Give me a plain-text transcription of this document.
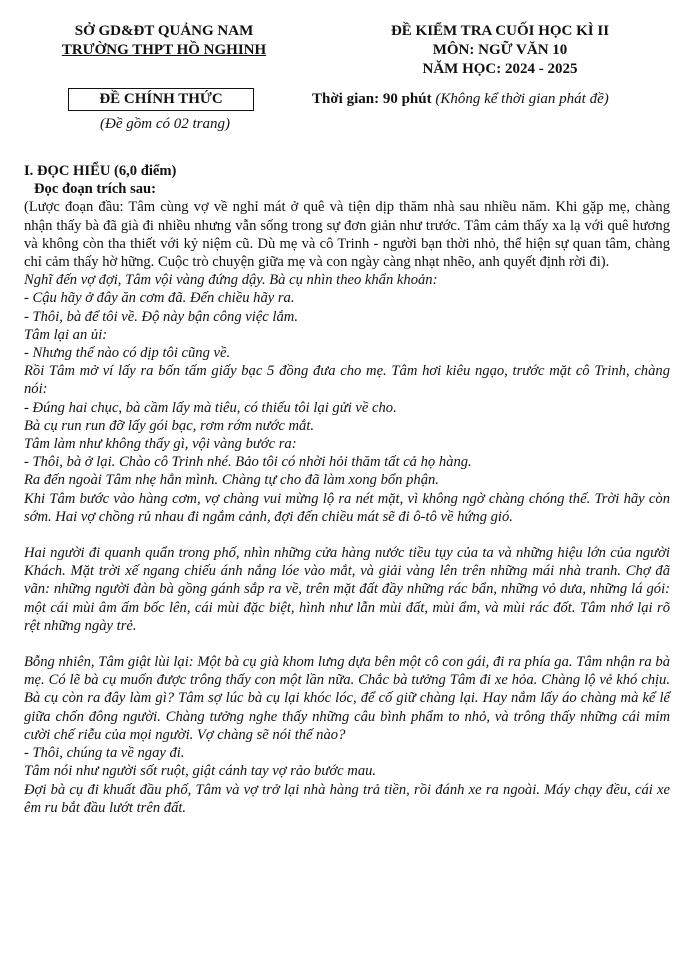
SỞ GD&ĐT QUẢNG NAM
TRƯỜNG THPT HỒ NGHINH
ĐỀ KIỂM TRA CUỐI HỌC KÌ II
MÔN: NGỮ VĂN 10
NĂM HỌC: 2024 - 2025
ĐỀ CHÍNH THỨC
(Đề gồm có 02 trang)
Thời gian: 90 phút (Không kể thời gian phát đề)

I. ĐỌC HIỂU (6,0 điểm)

Đọc đoạn trích sau:

(Lược đoạn đầu: Tâm cùng vợ về nghỉ mát ở quê và tiện dịp thăm nhà sau nhiều năm. Khi gặp mẹ, chàng nhận thấy bà đã già đi nhiều nhưng vẫn sống trong sự đơn giản như trước. Tâm cảm thấy xa lạ với quê hương và không còn tha thiết với kỷ niệm cũ. Dù mẹ và cô Trinh - người bạn thời nhỏ, thể hiện sự quan tâm, chàng chỉ cảm thấy hờ hững. Cuộc trò chuyện giữa mẹ và con ngày càng nhạt nhẽo, anh quyết định rời đi).

Nghĩ đến vợ đợi, Tâm vội vàng đứng dậy. Bà cụ nhìn theo khẩn khoản:

- Cậu hãy ở đây ăn cơm đã. Đến chiều hãy ra.

- Thôi, bà để tôi về. Độ này bận công việc lắm.

Tâm lại an ủi:

- Nhưng thế nào có dịp tôi cũng về.

Rồi Tâm mở ví lấy ra bốn tấm giấy bạc 5 đồng đưa cho mẹ. Tâm hơi kiêu ngạo, trước mặt cô Trinh, chàng nói:

- Đúng hai chục, bà cầm lấy mà tiêu, có thiếu tôi lại gửi về cho.

Bà cụ run run đỡ lấy gói bạc, rơm rớm nước mắt.

Tâm làm như không thấy gì, vội vàng bước ra:

- Thôi, bà ở lại. Chào cô Trinh nhé. Bảo tôi có nhời hỏi thăm tất cả họ hàng.

Ra đến ngoài Tâm nhẹ hẳn mình. Chàng tự cho đã làm xong bổn phận.

Khi Tâm bước vào hàng cơm, vợ chàng vui mừng lộ ra nét mặt, vì không ngờ chàng chóng thế. Trời hãy còn sớm. Hai vợ chồng rủ nhau đi ngắm cảnh, đợi đến chiều mát sẽ đi ô-tô về hứng gió.

Hai người đi quanh quẩn trong phố, nhìn những cửa hàng nước tiều tụy của ta và những hiệu lớn của người Khách. Mặt trời xế ngang chiếu ánh nắng lóe vào mắt, và giải vàng lên trên những mái nhà tranh. Chợ đã vãn: những người đàn bà gồng gánh sắp ra về, trên mặt đất đầy những rác bẩn, những vỏ dưa, những lá gói: một cái mùi âm ấm bốc lên, cái mùi đặc biệt, hình như lẫn mùi đất, mùi ẩm, và mùi rác đốt. Tâm nhớ lại rõ rệt những ngày trẻ.

Bỗng nhiên, Tâm giật lùi lại: Một bà cụ già khom lưng dựa bên một cô con gái, đi ra phía ga. Tâm nhận ra bà mẹ. Có lẽ bà cụ muốn được trông thấy con một lần nữa. Chắc bà tưởng Tâm đi xe hỏa. Chàng lộ vẻ khó chịu. Bà cụ còn ra đây làm gì? Tâm sợ lúc bà cụ lại khóc lóc, để cố giữ chàng lại. Hay nắm lấy áo chàng mà kể lể giữa chốn đông người. Chàng tưởng nghe thấy những câu bình phẩm to nhỏ, và trông thấy những cái mỉm cười chế riễu của mọi người. Vợ chàng sẽ nói thế nào?

- Thôi, chúng ta về ngay đi.

Tâm nói như người sốt ruột, giật cánh tay vợ rảo bước mau.

Đợi bà cụ đi khuất đầu phố, Tâm và vợ trở lại nhà hàng trả tiền, rồi đánh xe ra ngoài. Máy chạy đều, cái xe êm ru bắt đầu lướt trên đất.
